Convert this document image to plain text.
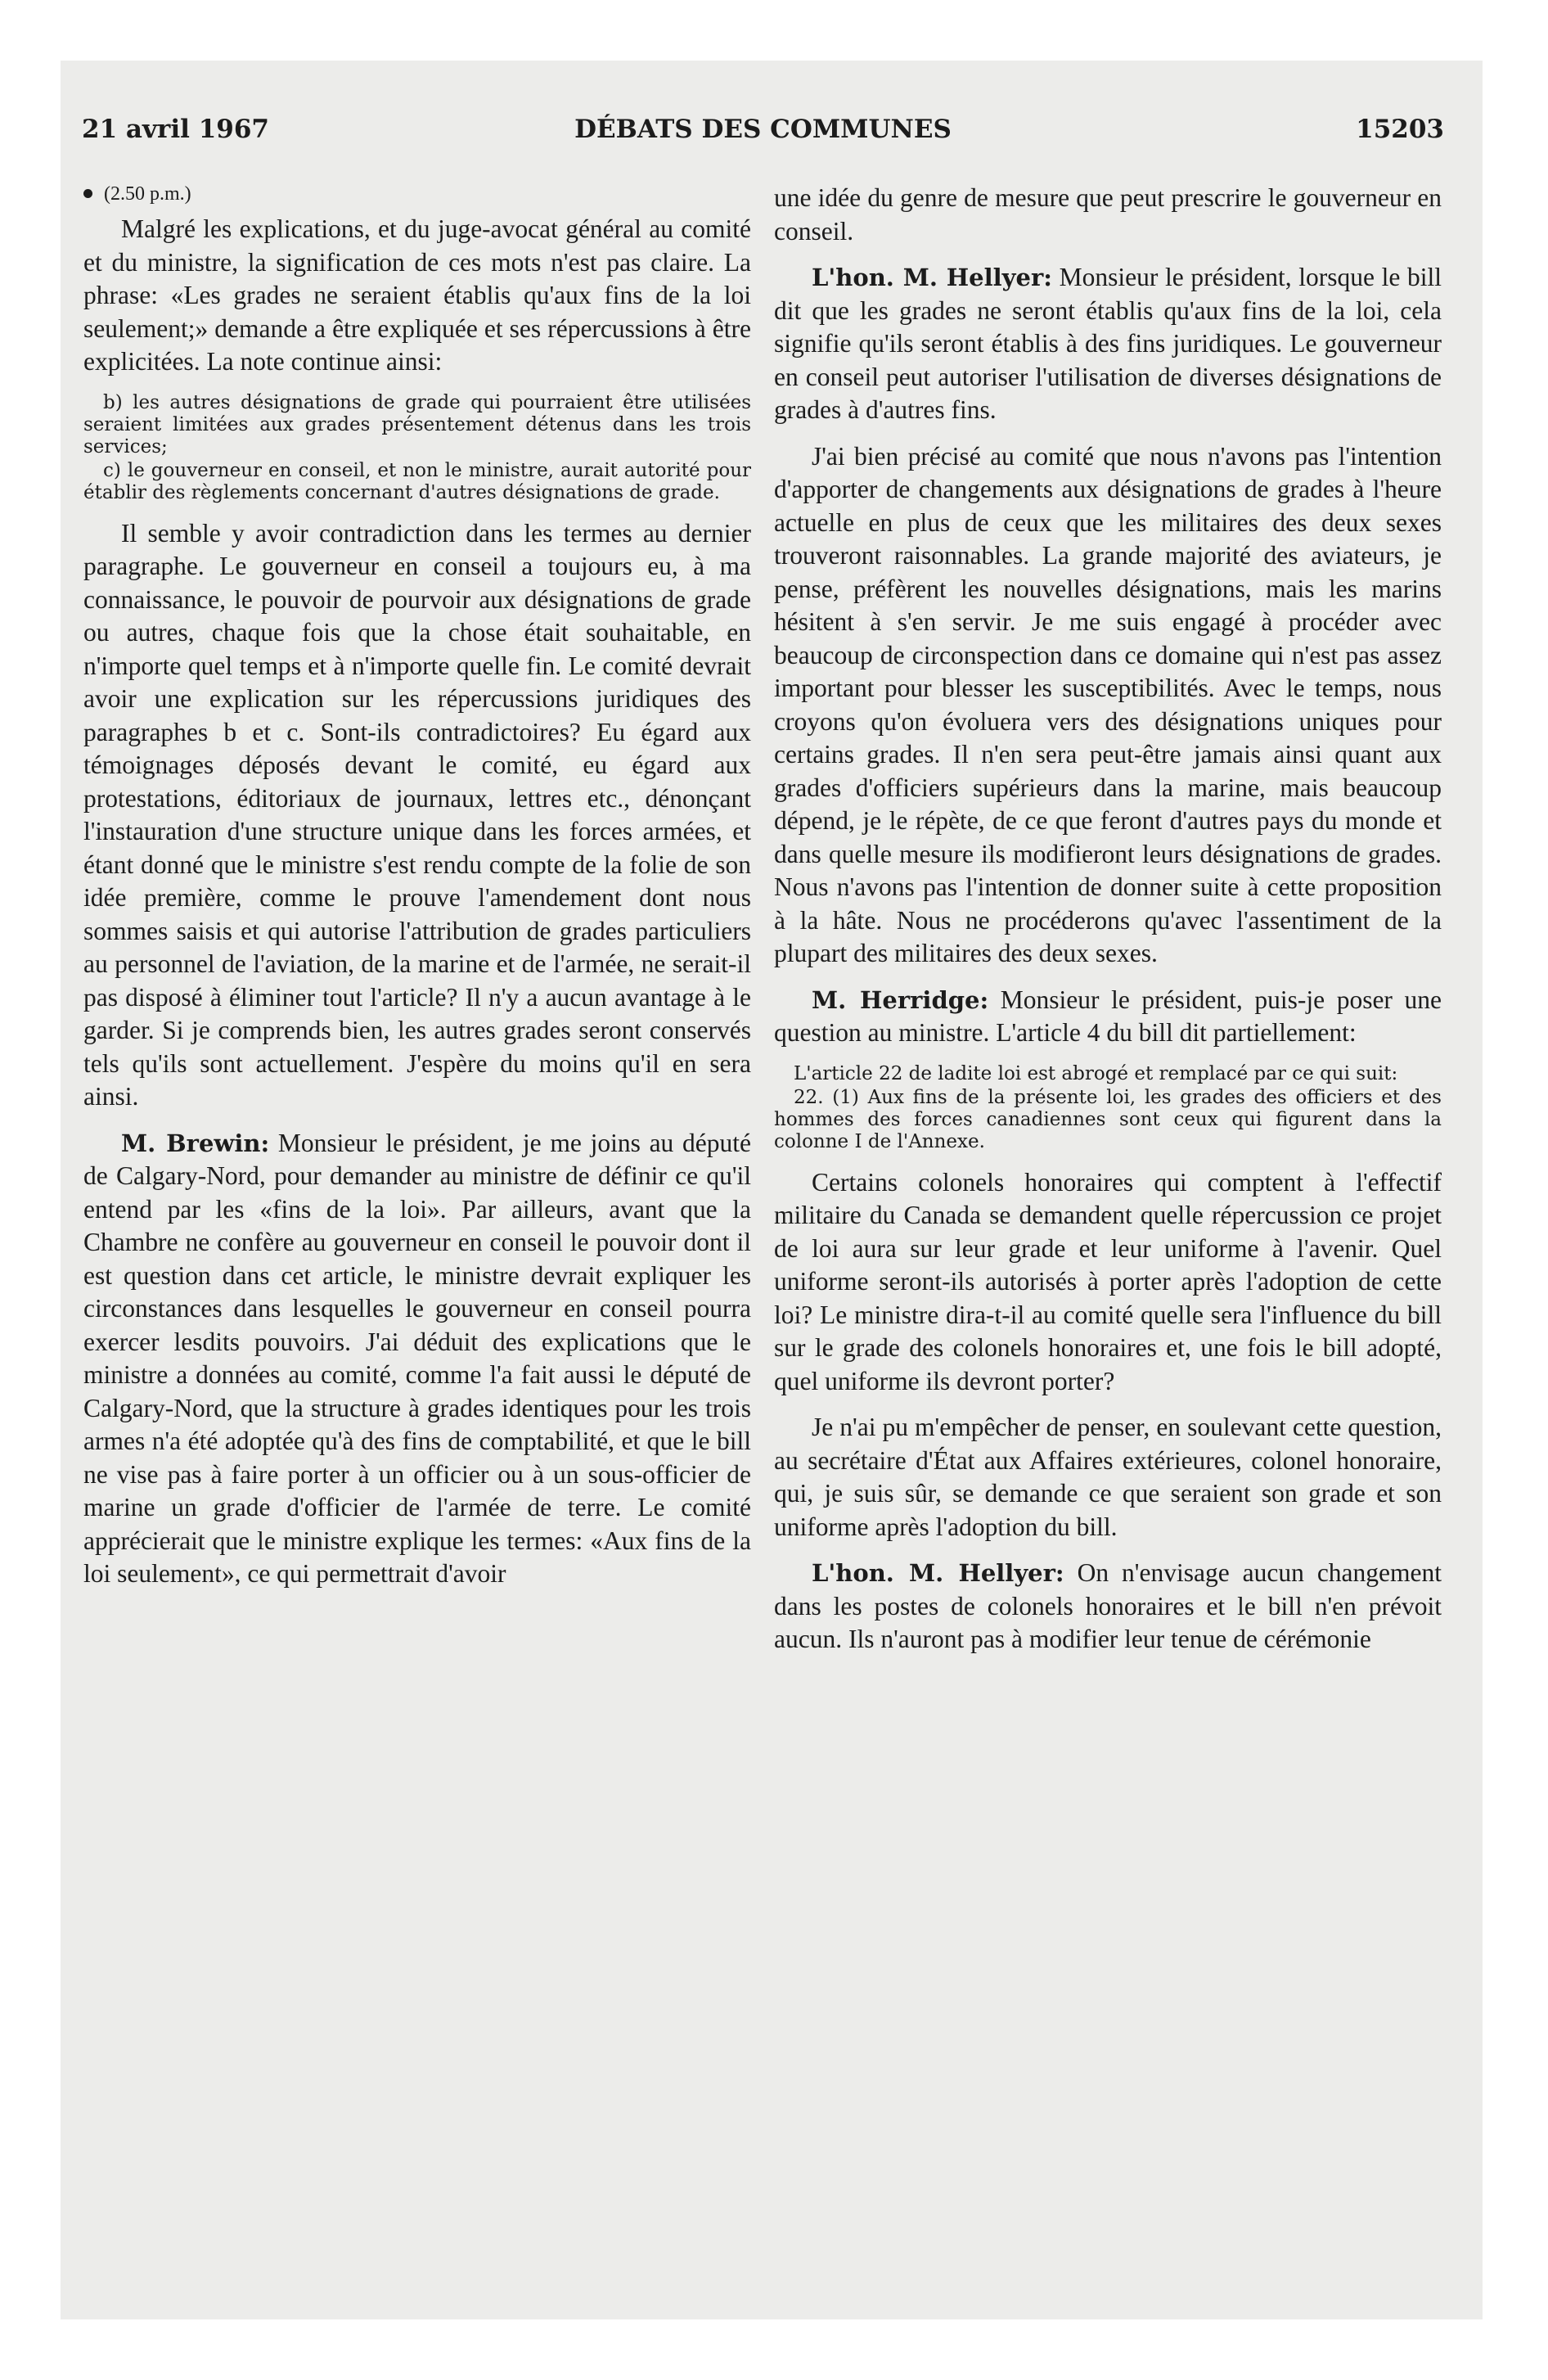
21 avril 1967	DÉBATS DES COMMUNES	15203
(2.50 p.m.)

Malgré les explications, et du juge-avocat général au comité et du ministre, la signification de ces mots n'est pas claire. La phrase: «Les grades ne seraient établis qu'aux fins de la loi seulement;» demande a être expliquée et ses répercussions à être explicitées. La note continue ainsi:

b) les autres désignations de grade qui pourraient être utilisées seraient limitées aux grades présentement détenus dans les trois services;

c) le gouverneur en conseil, et non le ministre, aurait autorité pour établir des règlements concernant d'autres désignations de grade.

Il semble y avoir contradiction dans les termes au dernier paragraphe. Le gouverneur en conseil a toujours eu, à ma connaissance, le pouvoir de pourvoir aux désignations de grade ou autres, chaque fois que la chose était souhaitable, en n'importe quel temps et à n'importe quelle fin. Le comité devrait avoir une explication sur les répercussions juridiques des paragraphes b et c. Sont-ils contradictoires? Eu égard aux témoignages déposés devant le comité, eu égard aux protestations, éditoriaux de journaux, lettres etc., dénonçant l'instauration d'une structure unique dans les forces armées, et étant donné que le ministre s'est rendu compte de la folie de son idée première, comme le prouve l'amendement dont nous sommes saisis et qui autorise l'attribution de grades particuliers au personnel de l'aviation, de la marine et de l'armée, ne serait-il pas disposé à éliminer tout l'article? Il n'y a aucun avantage à le garder. Si je comprends bien, les autres grades seront conservés tels qu'ils sont actuellement. J'espère du moins qu'il en sera ainsi.

M. Brewin: Monsieur le président, je me joins au député de Calgary-Nord, pour demander au ministre de définir ce qu'il entend par les «fins de la loi». Par ailleurs, avant que la Chambre ne confère au gouverneur en conseil le pouvoir dont il est question dans cet article, le ministre devrait expliquer les circonstances dans lesquelles le gouverneur en conseil pourra exercer lesdits pouvoirs. J'ai déduit des explications que le ministre a données au comité, comme l'a fait aussi le député de Calgary-Nord, que la structure à grades identiques pour les trois armes n'a été adoptée qu'à des fins de comptabilité, et que le bill ne vise pas à faire porter à un officier ou à un sous-officier de marine un grade d'officier de l'armée de terre. Le comité apprécierait que le ministre explique les termes: «Aux fins de la loi seulement», ce qui permettrait d'avoir

une idée du genre de mesure que peut prescrire le gouverneur en conseil.

L'hon. M. Hellyer: Monsieur le président, lorsque le bill dit que les grades ne seront établis qu'aux fins de la loi, cela signifie qu'ils seront établis à des fins juridiques. Le gouverneur en conseil peut autoriser l'utilisation de diverses désignations de grades à d'autres fins.

J'ai bien précisé au comité que nous n'avons pas l'intention d'apporter de changements aux désignations de grades à l'heure actuelle en plus de ceux que les militaires des deux sexes trouveront raisonnables. La grande majorité des aviateurs, je pense, préfèrent les nouvelles désignations, mais les marins hésitent à s'en servir. Je me suis engagé à procéder avec beaucoup de circonspection dans ce domaine qui n'est pas assez important pour blesser les susceptibilités. Avec le temps, nous croyons qu'on évoluera vers des désignations uniques pour certains grades. Il n'en sera peut-être jamais ainsi quant aux grades d'officiers supérieurs dans la marine, mais beaucoup dépend, je le répète, de ce que feront d'autres pays du monde et dans quelle mesure ils modifieront leurs désignations de grades. Nous n'avons pas l'intention de donner suite à cette proposition à la hâte. Nous ne procéderons qu'avec l'assentiment de la plupart des militaires des deux sexes.

M. Herridge: Monsieur le président, puis-je poser une question au ministre. L'article 4 du bill dit partiellement:

L'article 22 de ladite loi est abrogé et remplacé par ce qui suit:

22. (1) Aux fins de la présente loi, les grades des officiers et des hommes des forces canadiennes sont ceux qui figurent dans la colonne I de l'Annexe.

Certains colonels honoraires qui comptent à l'effectif militaire du Canada se demandent quelle répercussion ce projet de loi aura sur leur grade et leur uniforme à l'avenir. Quel uniforme seront-ils autorisés à porter après l'adoption de cette loi? Le ministre dira-t-il au comité quelle sera l'influence du bill sur le grade des colonels honoraires et, une fois le bill adopté, quel uniforme ils devront porter?

Je n'ai pu m'empêcher de penser, en soulevant cette question, au secrétaire d'État aux Affaires extérieures, colonel honoraire, qui, je suis sûr, se demande ce que seraient son grade et son uniforme après l'adoption du bill.

L'hon. M. Hellyer: On n'envisage aucun changement dans les postes de colonels honoraires et le bill n'en prévoit aucun. Ils n'auront pas à modifier leur tenue de cérémonie
